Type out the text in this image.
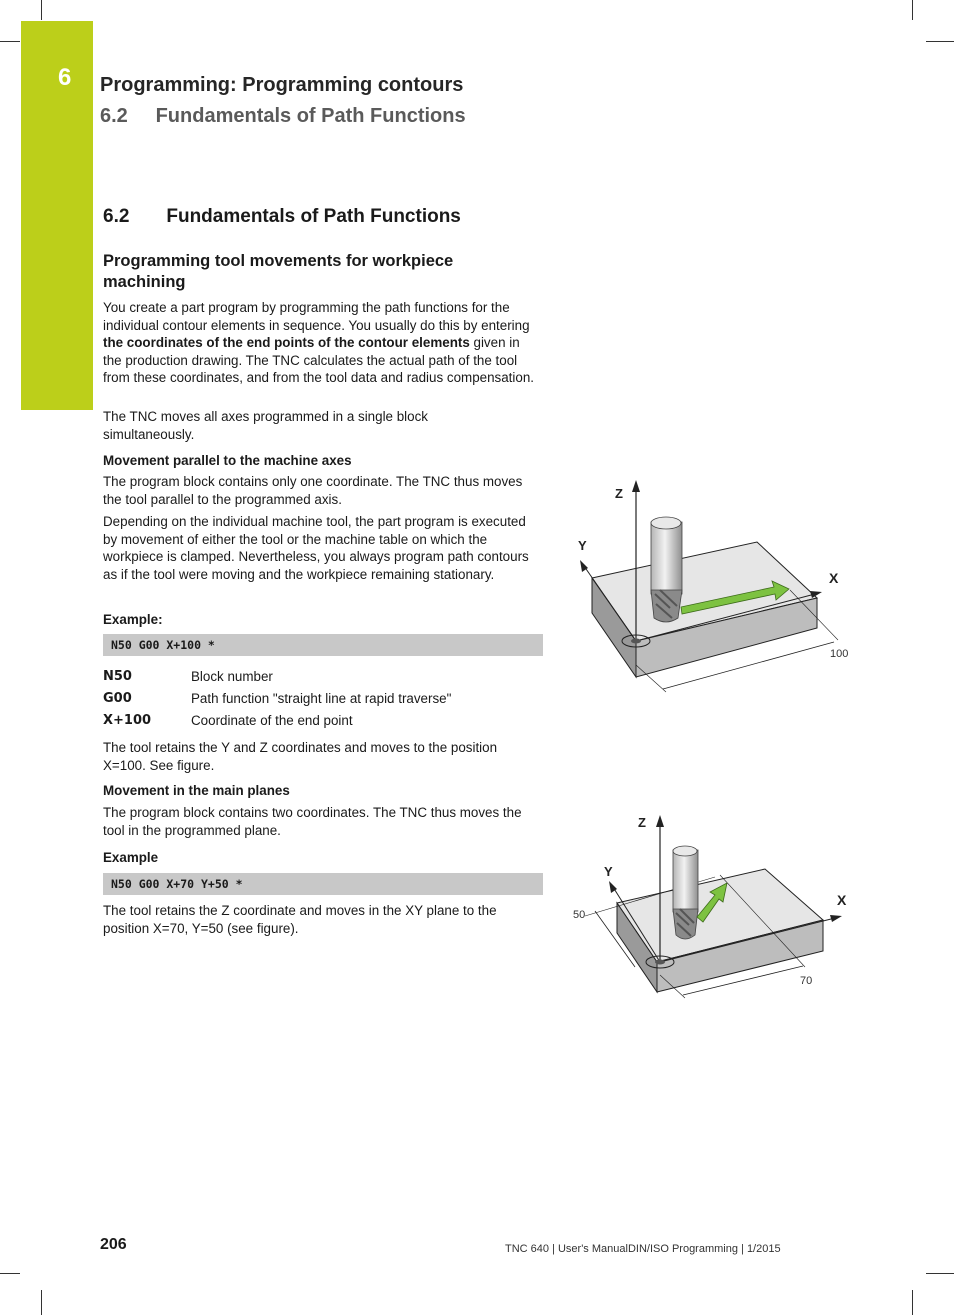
6 Programming: Programming contours
6.2     Fundamentals of Path Functions
6.2       Fundamentals of Path Functions
Programming tool movements for workpiece machining
You create a part program by programming the path functions for the individual contour elements in sequence. You usually do this by entering the coordinates of the end points of the contour elements given in the production drawing. The TNC calculates the actual path of the tool from these coordinates, and from the tool data and radius compensation.
The TNC moves all axes programmed in a single block simultaneously.
Movement parallel to the machine axes
The program block contains only one coordinate. The TNC thus moves the tool parallel to the programmed axis.
Depending on the individual machine tool, the part program is executed by movement of either the tool or the machine table on which the workpiece is clamped. Nevertheless, you always program path contours as if the tool were moving and the workpiece remaining stationary.
Example:
N50 G00 X+100 *
N50	Block number
G00	Path function "straight line at rapid traverse"
X+100	Coordinate of the end point
The tool retains the Y and Z coordinates and moves to the position X=100. See figure.
Movement in the main planes
The program block contains two coordinates. The TNC thus moves the tool in the programmed plane.
Example
N50 G00 X+70 Y+50 *
The tool retains the Z coordinate and moves in the XY plane to the position X=70, Y=50 (see figure).
Z
Y
X
100
Z
Y
X
50
70
206	TNC 640 | User's ManualDIN/ISO Programming | 1/2015
